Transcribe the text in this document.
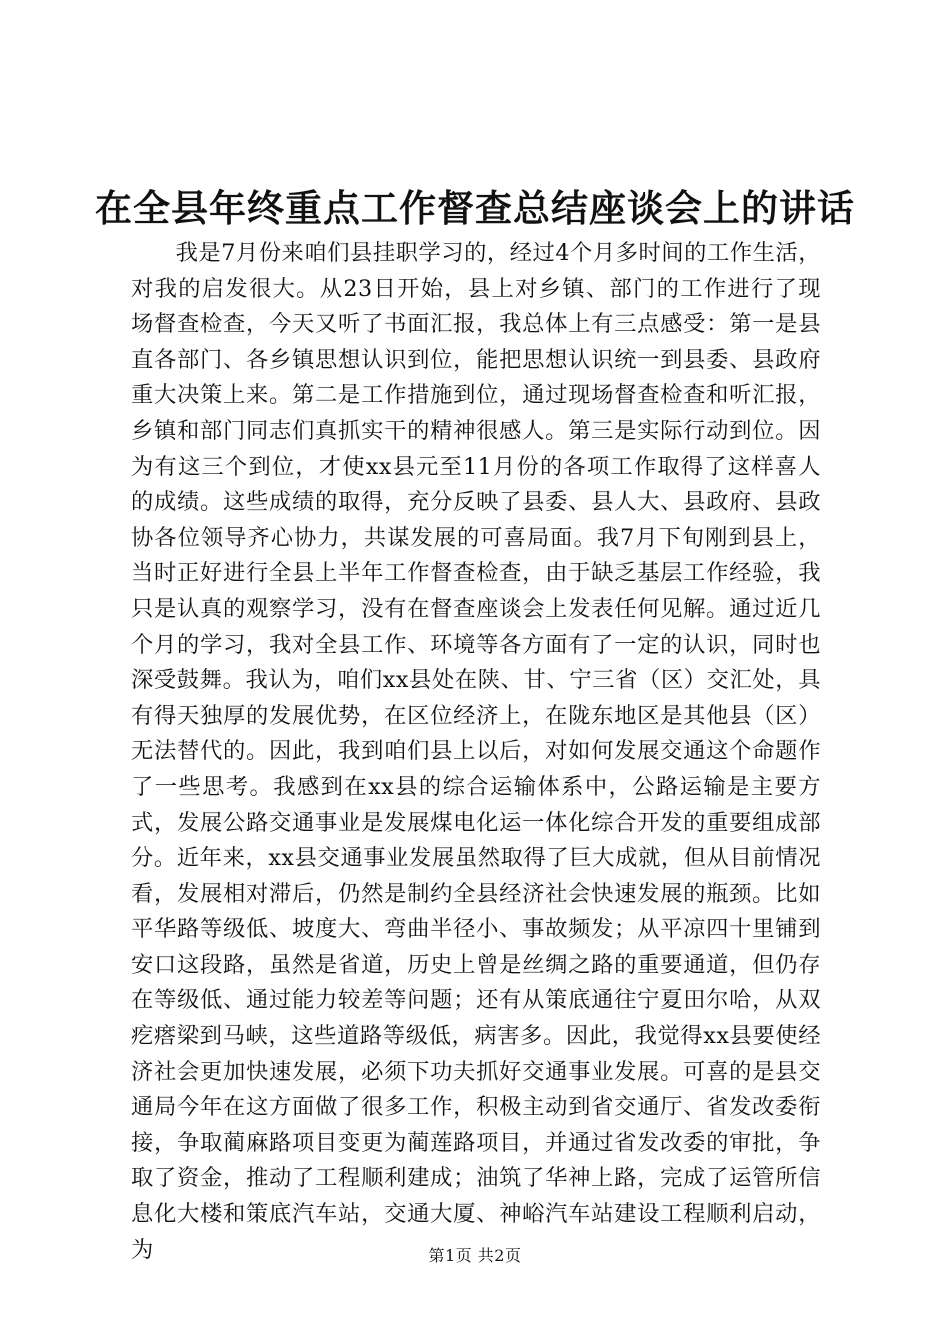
在全县年终重点工作督查总结座谈会上的讲话

我是7月份来咱们县挂职学习的，经过4个月多时间的工作生活，对我的启发很大。从23日开始，县上对乡镇、部门的工作进行了现场督查检查，今天又听了书面汇报，我总体上有三点感受：第一是县直各部门、各乡镇思想认识到位，能把思想认识统一到县委、县政府重大决策上来。第二是工作措施到位，通过现场督查检查和听汇报，乡镇和部门同志们真抓实干的精神很感人。第三是实际行动到位。因为有这三个到位，才使xx县元至11月份的各项工作取得了这样喜人的成绩。这些成绩的取得，充分反映了县委、县人大、县政府、县政协各位领导齐心协力，共谋发展的可喜局面。我7月下旬刚到县上，当时正好进行全县上半年工作督查检查，由于缺乏基层工作经验，我只是认真的观察学习，没有在督查座谈会上发表任何见解。通过近几个月的学习，我对全县工作、环境等各方面有了一定的认识，同时也深受鼓舞。我认为，咱们xx县处在陕、甘、宁三省（区）交汇处，具有得天独厚的发展优势，在区位经济上，在陇东地区是其他县（区）无法替代的。因此，我到咱们县上以后，对如何发展交通这个命题作了一些思考。我感到在xx县的综合运输体系中，公路运输是主要方式，发展公路交通事业是发展煤电化运一体化综合开发的重要组成部分。近年来，xx县交通事业发展虽然取得了巨大成就，但从目前情况看，发展相对滞后，仍然是制约全县经济社会快速发展的瓶颈。比如平华路等级低、坡度大、弯曲半径小、事故频发；从平凉四十里铺到安口这段路，虽然是省道，历史上曾是丝绸之路的重要通道，但仍存在等级低、通过能力较差等问题；还有从策底通往宁夏田尔哈，从双疙瘩梁到马峡，这些道路等级低，病害多。因此，我觉得xx县要使经济社会更加快速发展，必须下功夫抓好交通事业发展。可喜的是县交通局今年在这方面做了很多工作，积极主动到省交通厅、省发改委衔接，争取蔺麻路项目变更为蔺莲路项目，并通过省发改委的审批，争取了资金，推动了工程顺利建成；油筑了华神上路，完成了运管所信息化大楼和策底汽车站，交通大厦、神峪汽车站建设工程顺利启动，为	第1页 共2页
